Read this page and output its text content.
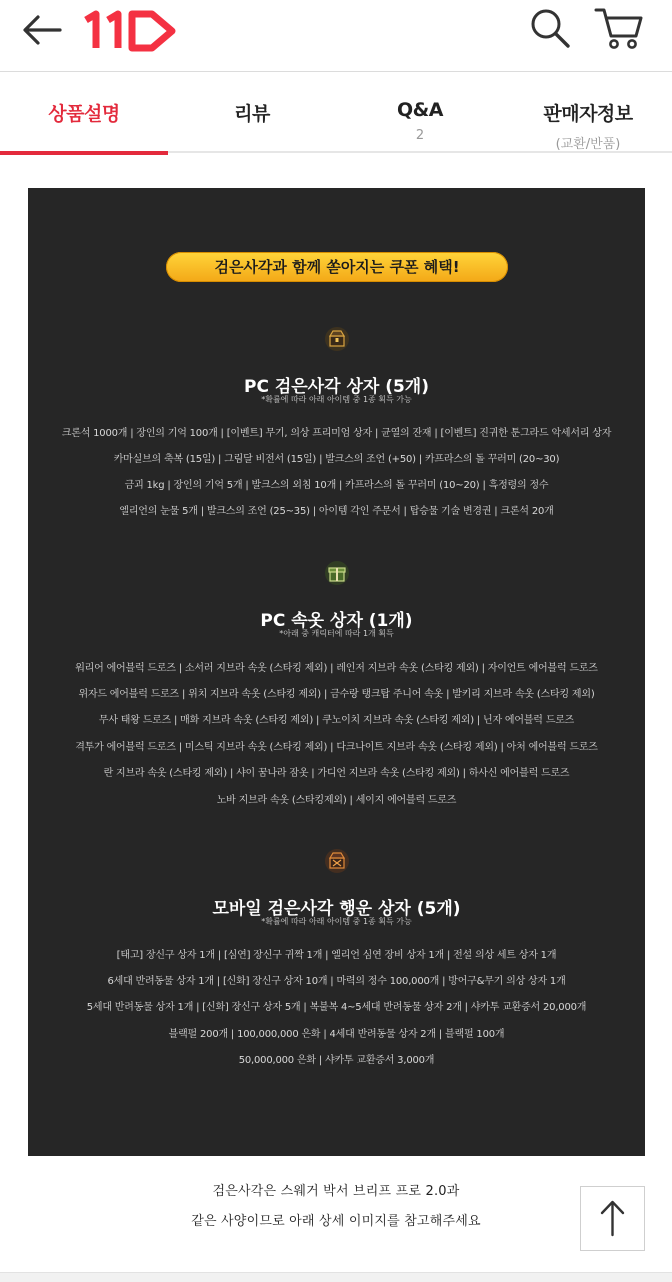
상품설명	리뷰	Q&A
2
판매자정보
(교환/반품)
검은사각과 함께 쏟아지는 쿠폰 혜택!
PC 검은사각 상자 (5개)
*확률에 따라 아래 아이템 중 1종 획득 가능
크론석 1000개 | 장인의 기억 100개 | [이벤트] 무기, 의상 프리미엄 상자 | 균열의 잔재 | [이벤트] 진귀한 툰그라드 악세서리 상자
카마실브의 축복 (15일) | 그림달 비전서 (15일) | 발크스의 조언 (+50) | 카프라스의 돌 꾸러미 (20~30)
금괴 1kg | 장인의 기억 5개 | 발크스의 외침 10개 | 카프라스의 돌 꾸러미 (10~20) | 흑정령의 정수
엘리언의 눈물 5개 | 발크스의 조언 (25~35) | 아이템 각인 주문서 | 탑승물 기술 변경권 | 크론석 20개
PC 속옷 상자 (1개)
*아래 중 캐릭터에 따라 1개 획득
워리어 에어블럭 드로즈 | 소서러 지브라 속옷 (스타킹 제외) | 레인저 지브라 속옷 (스타킹 제외) | 자이언트 에어블럭 드로즈
위자드 에어블럭 드로즈 | 위치 지브라 속옷 (스타킹 제외) | 금수랑 탱크탑 주니어 속옷 | 발키리 지브라 속옷 (스타킹 제외)
무사 태왕 드로즈 | 매화 지브라 속옷 (스타킹 제외) | 쿠노이치 지브라 속옷 (스타킹 제외) | 닌자 에어블럭 드로즈
격투가 에어블럭 드로즈 | 미스틱 지브라 속옷 (스타킹 제외) | 다크나이트 지브라 속옷 (스타킹 제외) | 아처 에어블럭 드로즈
란 지브라 속옷 (스타킹 제외) | 샤이 꿈나라 잠옷 | 가디언 지브라 속옷 (스타킹 제외) | 하사신 에어블럭 드로즈
노바 지브라 속옷 (스타킹제외) | 세이지 에어블럭 드로즈
모바일 검은사각 행운 상자 (5개)
*확률에 따라 아래 아이템 중 1종 획득 가능
[태고] 장신구 상자 1개 | [심연] 장신구 귀짝 1개 | 엘리언 심연 장비 상자 1개 | 전설 의상 세트 상자 1개
6세대 반려동물 상자 1개 | [신화] 장신구 상자 10개 | 마력의 정수 100,000개 | 방어구&무기 의상 상자 1개
5세대 반려동물 상자 1개 | [신화] 장신구 상자 5개 | 복불복 4~5세대 반려동물 상자 2개 | 샤카투 교환증서 20,000개
블랙펄 200개 | 100,000,000 은화 | 4세대 반려동물 상자 2개 | 블랙펄 100개
50,000,000 은화 | 샤카투 교환증서 3,000개
검은사각은 스웨거 박서 브리프 프로 2.0과
같은 사양이므로 아래 상세 이미지를 참고해주세요
